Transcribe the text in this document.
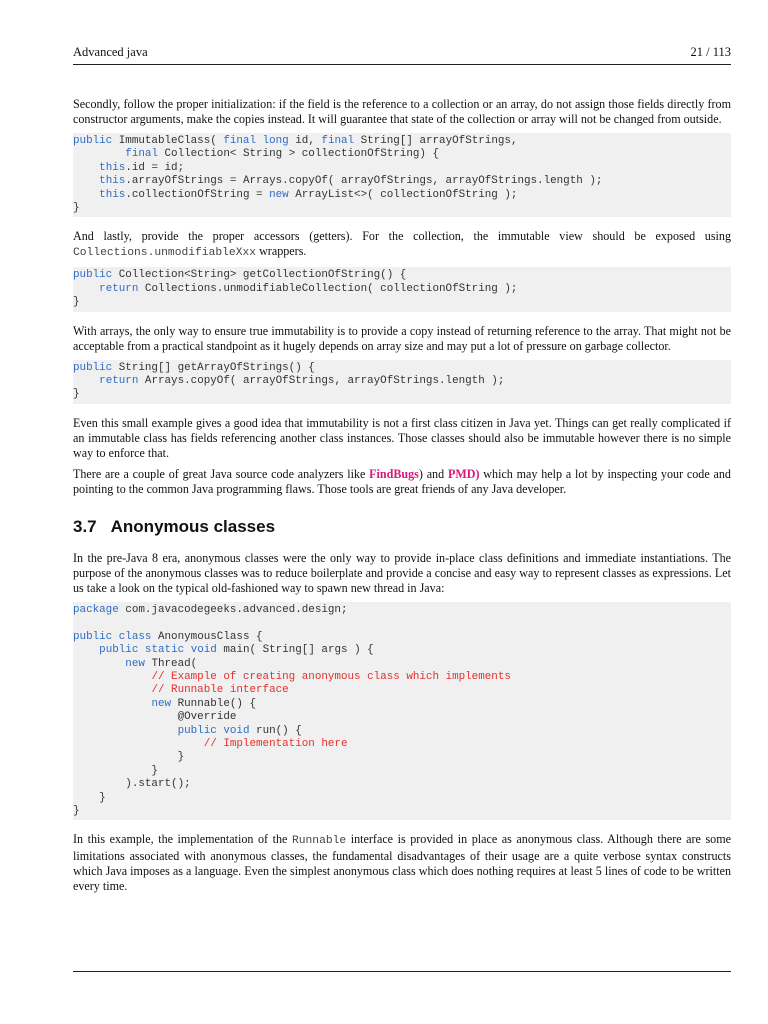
Advanced java	21 / 113

Secondly, follow the proper initialization: if the field is the reference to a collection or an array, do not assign those fields directly from constructor arguments, make the copies instead. It will guarantee that state of the collection or array will not be changed from outside.

public ImmutableClass( final long id, final String[] arrayOfStrings,
final Collection< String > collectionOfString) {
this.id = id;
this.arrayOfStrings = Arrays.copyOf( arrayOfStrings, arrayOfStrings.length );
this.collectionOfString = new ArrayList<>( collectionOfString );
}

And lastly, provide the proper accessors (getters). For the collection, the immutable view should be exposed using Collections.unmodifiableXxx wrappers.

public Collection<String> getCollectionOfString() {
return Collections.unmodifiableCollection( collectionOfString );
}

With arrays, the only way to ensure true immutability is to provide a copy instead of returning reference to the array. That might not be acceptable from a practical standpoint as it hugely depends on array size and may put a lot of pressure on garbage collector.

public String[] getArrayOfStrings() {
return Arrays.copyOf( arrayOfStrings, arrayOfStrings.length );
}

Even this small example gives a good idea that immutability is not a first class citizen in Java yet. Things can get really complicated if an immutable class has fields referencing another class instances. Those classes should also be immutable however there is no simple way to enforce that.

There are a couple of great Java source code analyzers like FindBugs) and PMD) which may help a lot by inspecting your code and pointing to the common Java programming flaws. Those tools are great friends of any Java developer.

3.7 Anonymous classes

In the pre-Java 8 era, anonymous classes were the only way to provide in-place class definitions and immediate instantiations. The purpose of the anonymous classes was to reduce boilerplate and provide a concise and easy way to represent classes as expressions. Let us take a look on the typical old-fashioned way to spawn new thread in Java:

package com.javacodegeeks.advanced.design;

public class AnonymousClass {
public static void main( String[] args ) {
new Thread(
// Example of creating anonymous class which implements
// Runnable interface
new Runnable() {
@Override
public void run() {
// Implementation here
}
}
).start();
}
}

In this example, the implementation of the Runnable interface is provided in place as anonymous class. Although there are some limitations associated with anonymous classes, the fundamental disadvantages of their usage are a quite verbose syntax constructs which Java imposes as a language. Even the simplest anonymous class which does nothing requires at least 5 lines of code to be written every time.
